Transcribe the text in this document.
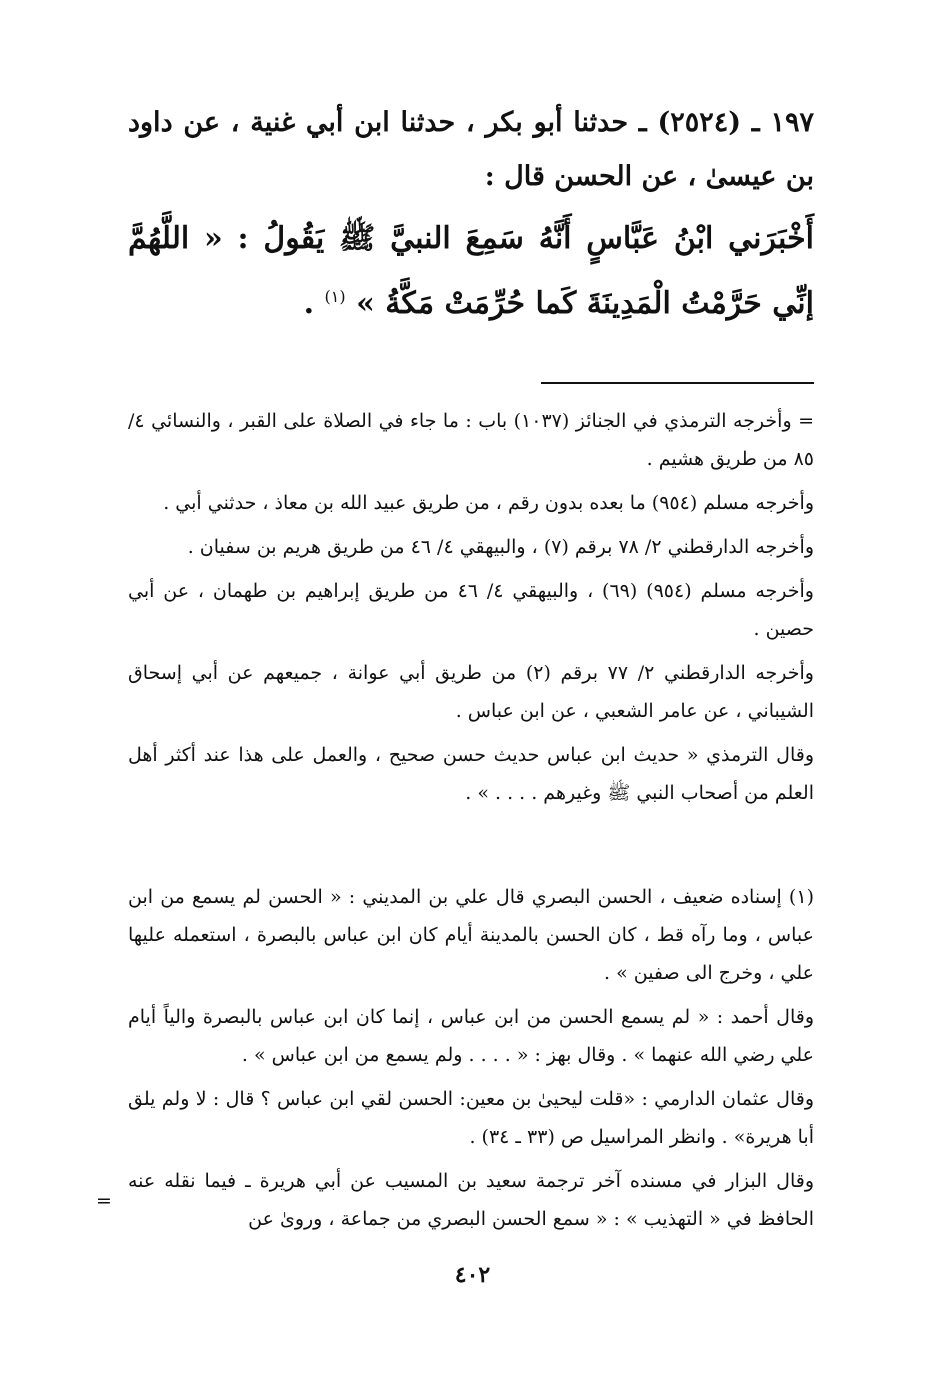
١٩٧ ـ (٢٥٢٤) ـ حدثنا أبو بكر ، حدثنا ابن أبي غنية ، عن داود بن عيسىٰ ، عن الحسن قال :
أَخْبَرَني ابْنُ عَبَّاسٍ أَنَّهُ سَمِعَ النبيَّ ﷺ يَقُولُ : « اللَّهُمَّ إنِّي حَرَّمْتُ الْمَدِينَةَ كَما حُرِّمَتْ مَكَّةُ » $^{(١)}$ .

= وأخرجه الترمذي في الجنائز (١٠٣٧) باب : ما جاء في الصلاة على القبر ، والنسائي ٤/ ٨٥ من طريق هشيم .

وأخرجه مسلم (٩٥٤) ما بعده بدون رقم ، من طريق عبيد الله بن معاذ ، حدثني أبي .

وأخرجه الدارقطني ٢/ ٧٨ برقم (٧) ، والبيهقي ٤/ ٤٦ من طريق هريم بن سفيان .

وأخرجه مسلم (٩٥٤) (٦٩) ، والبيهقي ٤/ ٤٦ من طريق إبراهيم بن طهمان ، عن أبي حصين .

وأخرجه الدارقطني ٢/ ٧٧ برقم (٢) من طريق أبي عوانة ، جميعهم عن أبي إسحاق الشيباني ، عن عامر الشعبي ، عن ابن عباس .

وقال الترمذي « حديث ابن عباس حديث حسن صحيح ، والعمل على هذا عند أكثر أهل العلم من أصحاب النبي ﷺ وغيرهم . . . . » .

(١) إسناده ضعيف ، الحسن البصري قال علي بن المديني : « الحسن لم يسمع من ابن عباس ، وما رآه قط ، كان الحسن بالمدينة أيام كان ابن عباس بالبصرة ، استعمله عليها علي ، وخرج الى صفين » .

وقال أحمد : « لم يسمع الحسن من ابن عباس ، إنما كان ابن عباس بالبصرة والياً أيام علي رضي الله عنهما » . وقال بهز : « . . . . ولم يسمع من ابن عباس » .

وقال عثمان الدارمي : «قلت ليحيىٰ بن معين: الحسن لقي ابن عباس ؟ قال : لا ولم يلق أبا هريرة» . وانظر المراسيل ص (٣٣ ـ ٣٤) .

وقال البزار في مسنده آخر ترجمة سعيد بن المسيب عن أبي هريرة ـ فيما نقله عنه الحافظ في « التهذيب » : « سمع الحسن البصري من جماعة ، وروىٰ عن

=
٤٠٢
